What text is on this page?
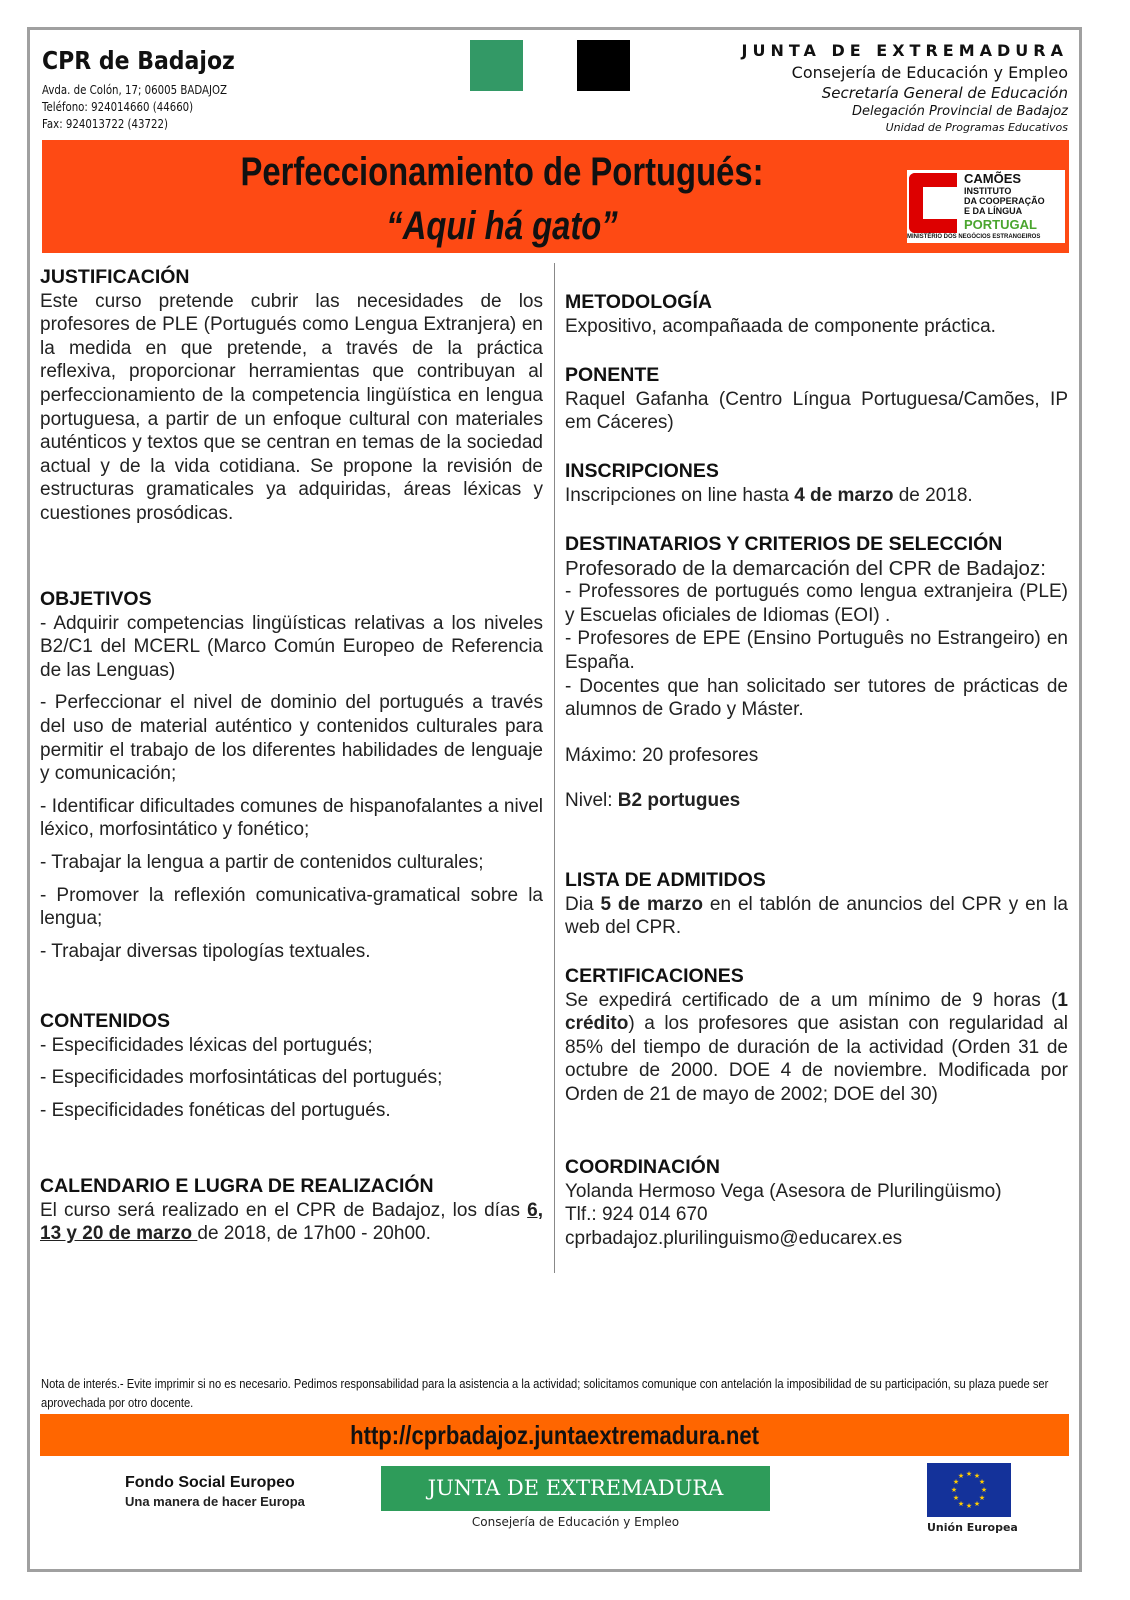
CPR de Badajoz
Avda. de Colón, 17; 06005 BADAJOZ
Teléfono: 924014660 (44660)
Fax: 924013722 (43722)
JUNTA DE EXTREMADURA
Consejería de Educación y Empleo
Secretaría General de Educación
Delegación Provincial de Badajoz
Unidad de Programas Educativos
Perfeccionamiento de Portugués:
“Aqui há gato”
CAMÕES
INSTITUTO
DA COOPERAÇÃO
E DA LÍNGUA
PORTUGAL
MINISTÉRIO DOS NEGÓCIOS ESTRANGEIROS
JUSTIFICACIÓN

Este curso pretende cubrir las necesidades de los profesores de PLE (Portugués como Lengua Extranjera) en la medida en que pretende, a través de la práctica reflexiva, proporcionar herramientas que contribuyan al perfeccionamiento de la competencia lingüística en lengua portuguesa, a partir de un enfoque cultural con materiales auténticos y textos que se centran en temas de la sociedad actual y de la vida cotidiana. Se propone la revisión de estructuras gramaticales ya adquiridas, áreas léxicas y cuestiones prosódicas.

OBJETIVOS

- Adquirir competencias lingüísticas relativas a los niveles B2/C1 del MCERL (Marco Común Europeo de Referencia de las Lenguas)

- Perfeccionar el nivel de dominio del portugués a través del uso de material auténtico y contenidos culturales para permitir el trabajo de los diferentes habilidades de lenguaje y comunicación;

- Identificar dificultades comunes de hispanofalantes a nivel léxico, morfosintático y fonético;

- Trabajar la lengua a partir de contenidos culturales;

- Promover la reflexión comunicativa-gramatical sobre la lengua;

- Trabajar diversas tipologías textuales.

CONTENIDOS

- Especificidades léxicas del portugués;

- Especificidades morfosintáticas del portugués;

- Especificidades fonéticas del portugués.

CALENDARIO E LUGRA DE REALIZACIÓN

El curso será realizado en el CPR de Badajoz, los días 6, 13 y 20 de marzo de 2018, de 17h00 - 20h00.

METODOLOGÍA

Expositivo, acompañaada de componente práctica.

PONENTE

Raquel Gafanha (Centro Língua Portuguesa/Camões, IP em Cáceres)

INSCRIPCIONES

Inscripciones on line hasta 4 de marzo de 2018.

DESTINATARIOS Y CRITERIOS DE SELECCIÓN

Profesorado de la demarcación del CPR de Badajoz:

- Professores de portugués como lengua extranjeira (PLE) y Escuelas oficiales de Idiomas (EOI) .

- Profesores de EPE (Ensino Português no Estrangeiro) en España.

- Docentes que han solicitado ser tutores de prácticas de alumnos de Grado y Máster.

Máximo: 20 profesores

Nivel: B2 portugues

LISTA DE ADMITIDOS

Dia 5 de marzo en el tablón de anuncios del CPR y en la web del CPR.

CERTIFICACIONES

Se expedirá certificado de a um mínimo de 9 horas (1 crédito) a los profesores que asistan con regularidad al 85% del tiempo de duración de la actividad (Orden 31 de octubre de 2000. DOE 4 de noviembre. Modificada por Orden de 21 de mayo de 2002; DOE del 30)

COORDINACIÓN

Yolanda Hermoso Vega (Asesora de Plurilingüismo)

Tlf.: 924 014 670

cprbadajoz.plurilinguismo@educarex.es

Nota de interés.- Evite imprimir si no es necesario. Pedimos responsabilidad para la asistencia a la actividad; solicitamos comunique con antelación la imposibilidad de su participación, su plaza puede ser aprovechada por otro docente.
http://cprbadajoz.juntaextremadura.net
Fondo Social Europeo
Una manera de hacer Europa
JUNTA DE EXTREMADURA
Consejería de Educación y Empleo
★ ★
★
★
★
★
★
★
★
★
★
★
Unión Europea
